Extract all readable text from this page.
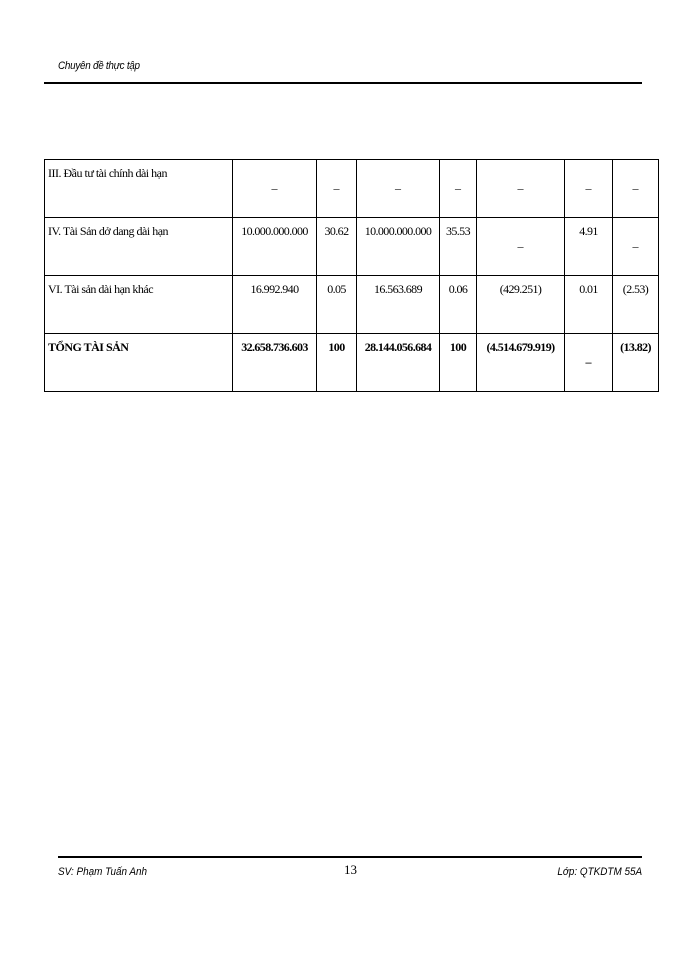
Chuyên đề thực tập
III. Đầu tư tài chính dài hạn	–	–	–	–	–	–	–
IV. Tài Sản dở dang dài hạn	10.000.000.000	30.62	10.000.000.000	35.53	–	4.91	–
VI. Tài sản dài hạn khác	16.992.940	0.05	16.563.689	0.06	(429.251)	0.01	(2.53)
TỔNG TÀI SẢN	32.658.736.603	100	28.144.056.684	100	(4.514.679.919)	–	(13.82)
SV: Phạm Tuấn Anh	13	Lớp: QTKDTM 55A
